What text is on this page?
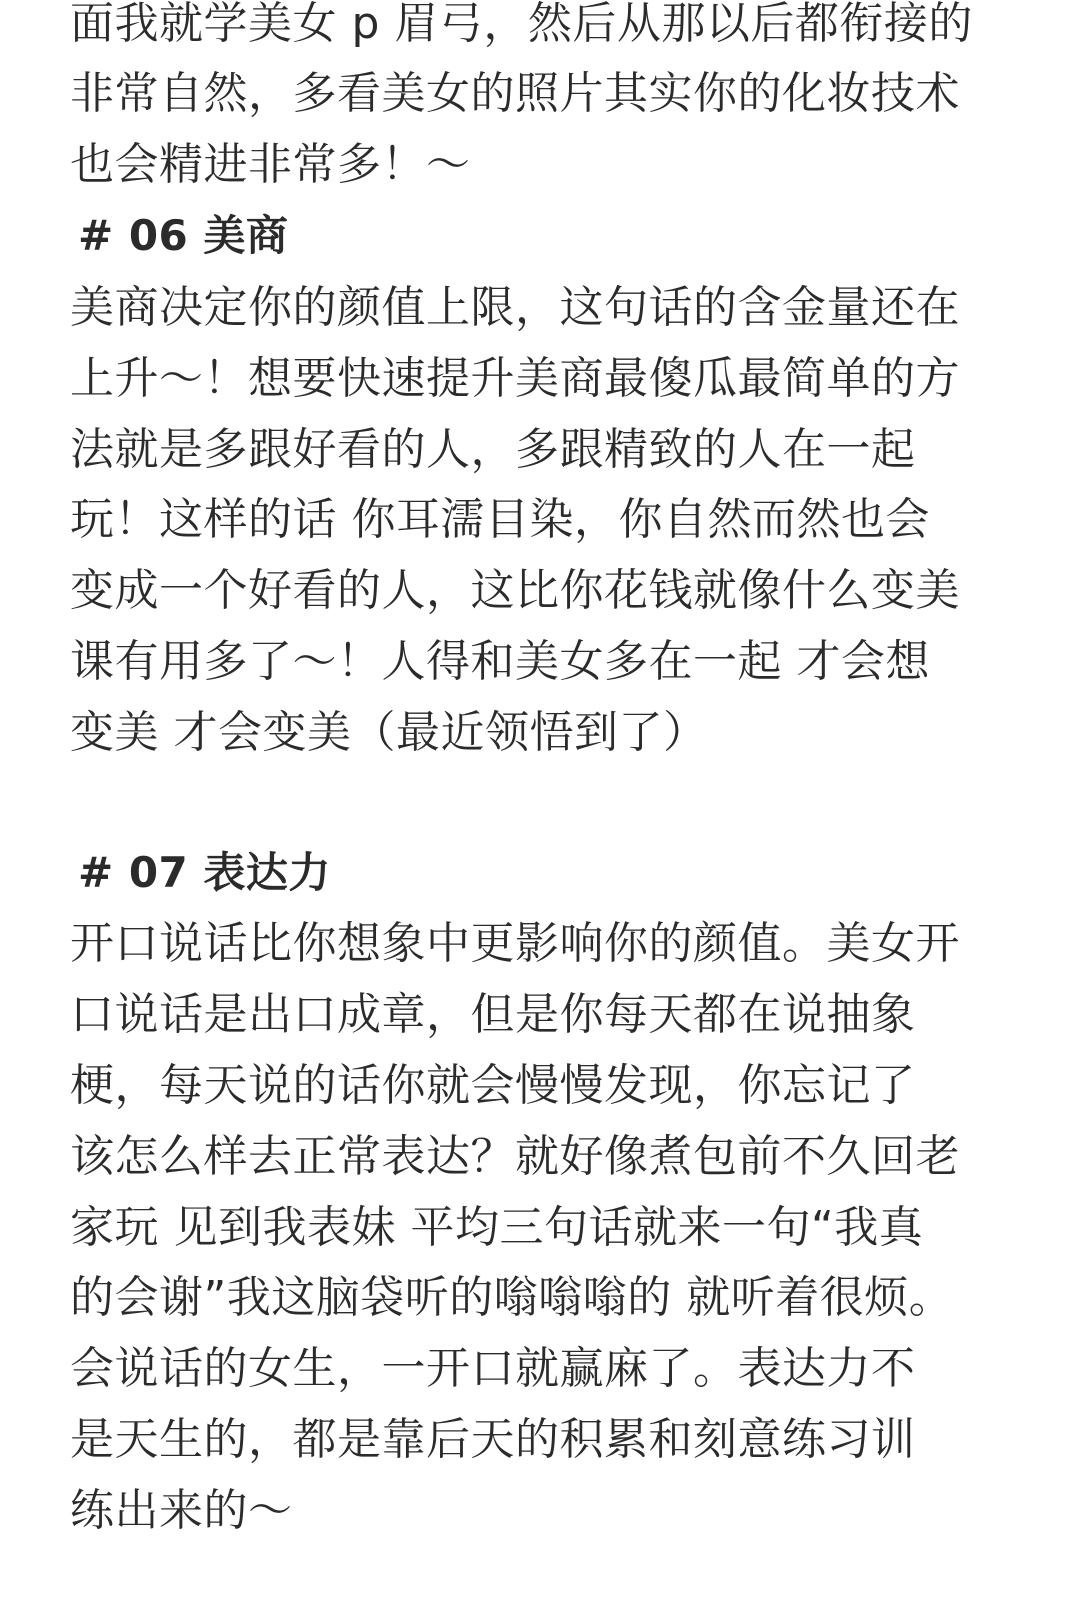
面我就学美女 p 眉弓，然后从那以后都衔接的
非常自然，多看美女的照片其实你的化妆技术
也会精进非常多！～
# 06 美商
美商决定你的颜值上限，这句话的含金量还在
上升～！想要快速提升美商最傻瓜最简单的方
法就是多跟好看的人，多跟精致的人在一起
玩！这样的话 你耳濡目染，你自然而然也会
变成一个好看的人，这比你花钱就像什么变美
课有用多了～！人得和美女多在一起 才会想
变美 才会变美（最近领悟到了）
# 07 表达力
开口说话比你想象中更影响你的颜值。美女开
口说话是出口成章，但是你每天都在说抽象
梗，每天说的话你就会慢慢发现，你忘记了
该怎么样去正常表达？就好像煮包前不久回老
家玩 见到我表妹 平均三句话就来一句“我真
的会谢”我这脑袋听的嗡嗡嗡的 就听着很烦。
会说话的女生，一开口就赢麻了。表达力不
是天生的，都是靠后天的积累和刻意练习训
练出来的～
